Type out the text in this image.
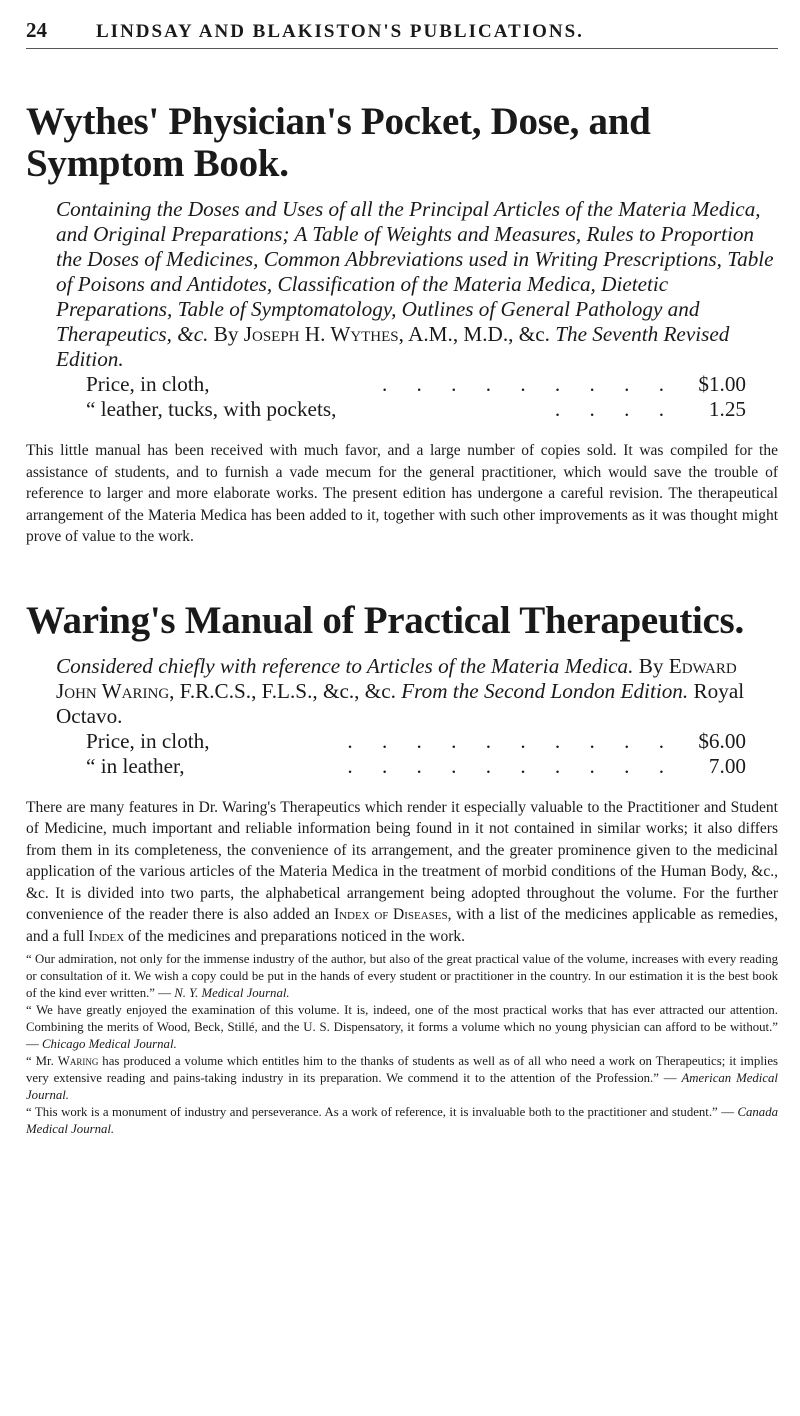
24	LINDSAY AND BLAKISTON'S PUBLICATIONS.
Wythes' Physician's Pocket, Dose, and Symptom Book.

Containing the Doses and Uses of all the Principal Articles of the Materia Medica, and Original Preparations; A Table of Weights and Measures, Rules to Proportion the Doses of Medicines, Common Abbreviations used in Writing Prescriptions, Table of Poisons and Antidotes, Classification of the Materia Medica, Dietetic Preparations, Table of Symptomatology, Outlines of General Pathology and Therapeutics, &c. By Joseph H. Wythes, A.M., M.D., &c. The Seventh Revised Edition.

Price, in cloth,	. . . . . . . . .	$1.00
“ leather, tucks, with pockets,	. . . .	1.25

This little manual has been received with much favor, and a large number of copies sold. It was compiled for the assistance of students, and to furnish a vade mecum for the general practitioner, which would save the trouble of reference to larger and more elaborate works. The present edition has undergone a careful revision. The therapeutical arrangement of the Materia Medica has been added to it, together with such other improvements as it was thought might prove of value to the work.

Waring's Manual of Practical Therapeutics.

Considered chiefly with reference to Articles of the Materia Medica. By Edward John Waring, F.R.C.S., F.L.S., &c., &c. From the Second London Edition. Royal Octavo.

Price, in cloth,	. . . . . . . . . .	$6.00
“ in leather,	. . . . . . . . . .	7.00

There are many features in Dr. Waring's Therapeutics which render it especially valuable to the Practitioner and Student of Medicine, much important and reliable information being found in it not contained in similar works; it also differs from them in its completeness, the convenience of its arrangement, and the greater prominence given to the medicinal application of the various articles of the Materia Medica in the treatment of morbid conditions of the Human Body, &c., &c. It is divided into two parts, the alphabetical arrangement being adopted throughout the volume. For the further convenience of the reader there is also added an Index of Diseases, with a list of the medicines applicable as remedies, and a full Index of the medicines and preparations noticed in the work.

“ Our admiration, not only for the immense industry of the author, but also of the great practical value of the volume, increases with every reading or consultation of it. We wish a copy could be put in the hands of every student or practitioner in the country. In our estimation it is the best book of the kind ever written.” — N. Y. Medical Journal.

“ We have greatly enjoyed the examination of this volume. It is, indeed, one of the most practical works that has ever attracted our attention. Combining the merits of Wood, Beck, Stillé, and the U. S. Dispensatory, it forms a volume which no young physician can afford to be without.” — Chicago Medical Journal.

“ Mr. Waring has produced a volume which entitles him to the thanks of students as well as of all who need a work on Therapeutics; it implies very extensive reading and pains-taking industry in its preparation. We commend it to the attention of the Profession.” — American Medical Journal.

“ This work is a monument of industry and perseverance. As a work of reference, it is invaluable both to the practitioner and student.” — Canada Medical Journal.
